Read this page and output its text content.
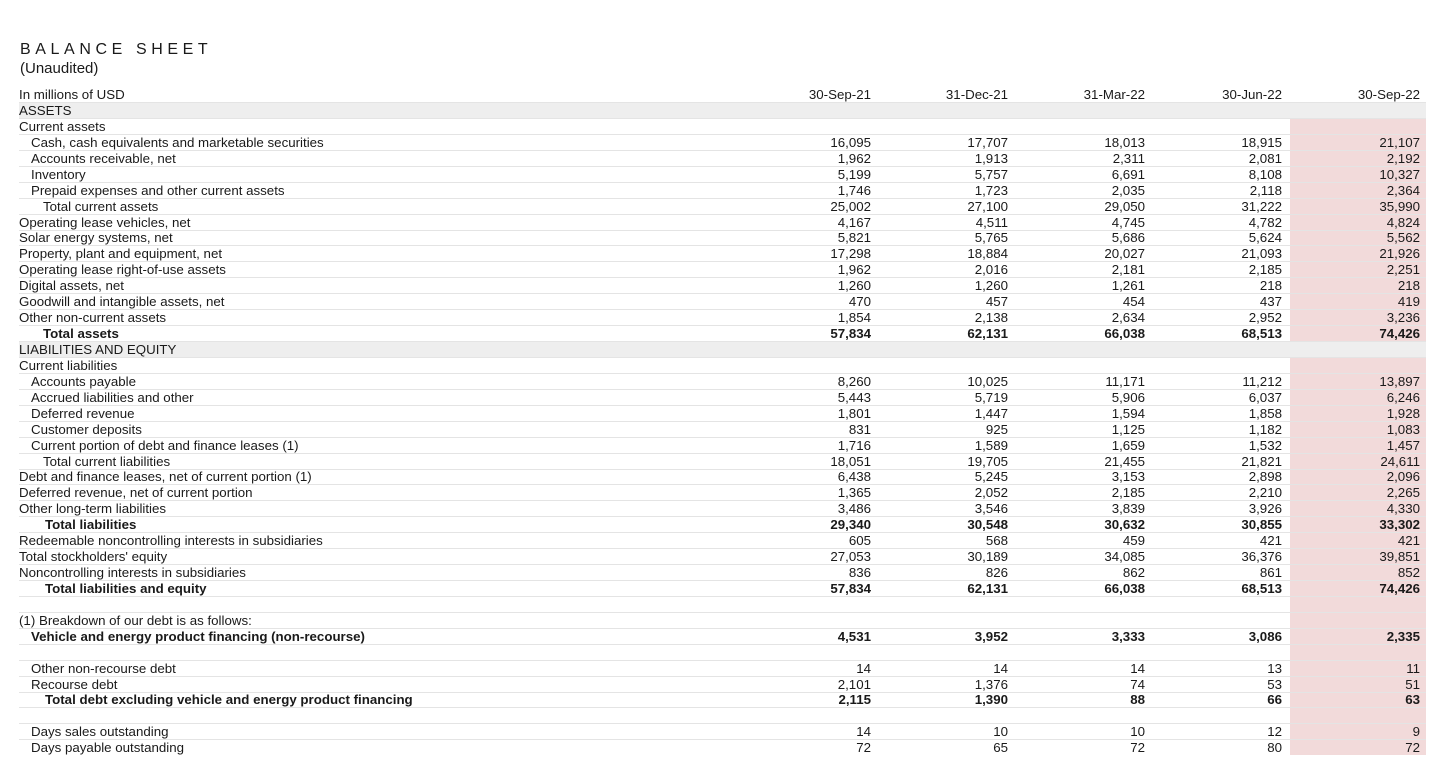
BALANCE SHEET
(Unaudited)
In millions of USD	30-Sep-21	31-Dec-21	31-Mar-22	30-Jun-22	30-Sep-22
ASSETS
Current assets
Cash, cash equivalents and marketable securities	16,095	17,707	18,013	18,915	21,107
Accounts receivable, net	1,962	1,913	2,311	2,081	2,192
Inventory	5,199	5,757	6,691	8,108	10,327
Prepaid expenses and other current assets	1,746	1,723	2,035	2,118	2,364
Total current assets	25,002	27,100	29,050	31,222	35,990
Operating lease vehicles, net	4,167	4,511	4,745	4,782	4,824
Solar energy systems, net	5,821	5,765	5,686	5,624	5,562
Property, plant and equipment, net	17,298	18,884	20,027	21,093	21,926
Operating lease right-of-use assets	1,962	2,016	2,181	2,185	2,251
Digital assets, net	1,260	1,260	1,261	218	218
Goodwill and intangible assets, net	470	457	454	437	419
Other non-current assets	1,854	2,138	2,634	2,952	3,236
Total assets	57,834	62,131	66,038	68,513	74,426
LIABILITIES AND EQUITY
Current liabilities
Accounts payable	8,260	10,025	11,171	11,212	13,897
Accrued liabilities and other	5,443	5,719	5,906	6,037	6,246
Deferred revenue	1,801	1,447	1,594	1,858	1,928
Customer deposits	831	925	1,125	1,182	1,083
Current portion of debt and finance leases (1)	1,716	1,589	1,659	1,532	1,457
Total current liabilities	18,051	19,705	21,455	21,821	24,611
Debt and finance leases, net of current portion (1)	6,438	5,245	3,153	2,898	2,096
Deferred revenue, net of current portion	1,365	2,052	2,185	2,210	2,265
Other long-term liabilities	3,486	3,546	3,839	3,926	4,330
Total liabilities	29,340	30,548	30,632	30,855	33,302
Redeemable noncontrolling interests in subsidiaries	605	568	459	421	421
Total stockholders' equity	27,053	30,189	34,085	36,376	39,851
Noncontrolling interests in subsidiaries	836	826	862	861	852
Total liabilities and equity	57,834	62,131	66,038	68,513	74,426
(1) Breakdown of our debt is as follows:
Vehicle and energy product financing (non-recourse)	4,531	3,952	3,333	3,086	2,335
Other non-recourse debt	14	14	14	13	11
Recourse debt	2,101	1,376	74	53	51
Total debt excluding vehicle and energy product financing	2,115	1,390	88	66	63
Days sales outstanding	14	10	10	12	9
Days payable outstanding	72	65	72	80	72
